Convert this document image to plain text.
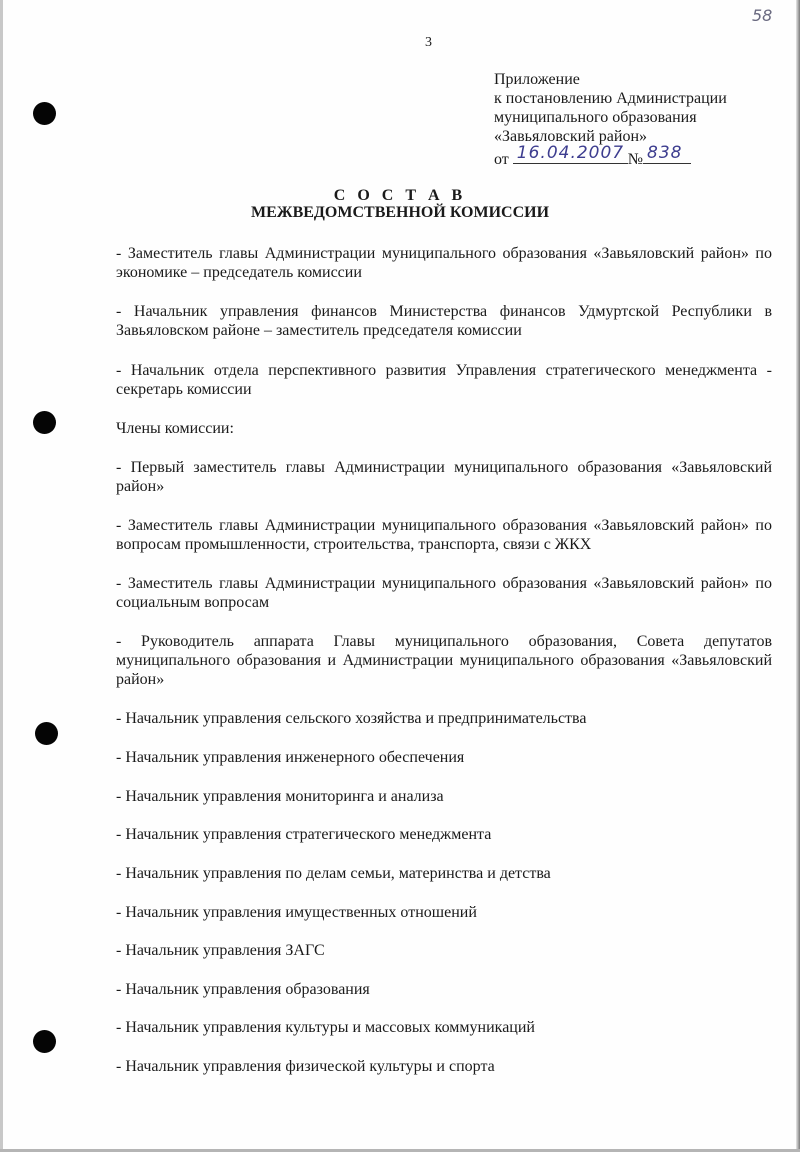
58
3
Приложение
к постановлению Администрации
муниципального образования
«Завьяловский район»
от 16.04.2007 № 838
С О С Т А В
МЕЖВЕДОМСТВЕННОЙ КОМИССИИ
- Заместитель главы Администрации муниципального образования «Завьяловский район» по экономике – председатель комиссии
- Начальник управления финансов Министерства финансов Удмуртской Республики в Завьяловском районе – заместитель председателя комиссии
- Начальник отдела перспективного развития Управления стратегического менеджмента - секретарь комиссии
Члены комиссии:
- Первый заместитель главы Администрации муниципального образования «Завьяловский район»
- Заместитель главы Администрации муниципального образования «Завьяловский район» по вопросам промышленности, строительства, транспорта, связи с ЖКХ
- Заместитель главы Администрации муниципального образования «Завьяловский район» по социальным вопросам
- Руководитель аппарата Главы муниципального образования, Совета депутатов муниципального образования и Администрации муниципального образования «Завьяловский район»
- Начальник управления сельского хозяйства и предпринимательства
- Начальник управления инженерного обеспечения
- Начальник управления мониторинга и анализа
- Начальник управления стратегического менеджмента
- Начальник управления по делам семьи, материнства и детства
- Начальник управления имущественных отношений
- Начальник управления ЗАГС
- Начальник управления образования
- Начальник управления культуры и массовых коммуникаций
- Начальник управления физической культуры и спорта
